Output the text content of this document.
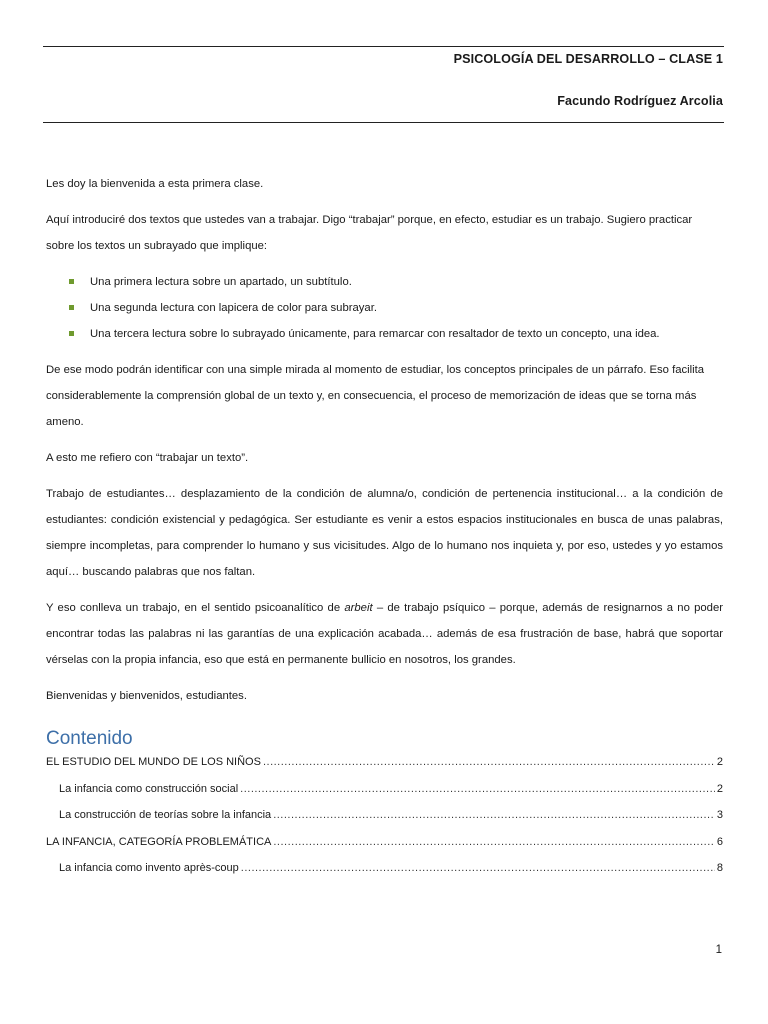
PSICOLOGÍA DEL DESARROLLO – CLASE 1
Facundo Rodríguez Arcolia

Les doy la bienvenida a esta primera clase.

Aquí introduciré dos textos que ustedes van a trabajar. Digo “trabajar” porque, en efecto, estudiar es un trabajo. Sugiero practicar sobre los textos un subrayado que implique:

Una primera lectura sobre un apartado, un subtítulo.
Una segunda lectura con lapicera de color para subrayar.
Una tercera lectura sobre lo subrayado únicamente, para remarcar con resaltador de texto un concepto, una idea.

De ese modo podrán identificar con una simple mirada al momento de estudiar, los conceptos principales de un párrafo. Eso facilita considerablemente la comprensión global de un texto y, en consecuencia, el proceso de memorización de ideas que se torna más ameno.

A esto me refiero con “trabajar un texto”.

Trabajo de estudiantes… desplazamiento de la condición de alumna/o, condición de pertenencia institucional… a la condición de estudiantes: condición existencial y pedagógica. Ser estudiante es venir a estos espacios institucionales en busca de unas palabras, siempre incompletas, para comprender lo humano y sus vicisitudes. Algo de lo humano nos inquieta y, por eso, ustedes y yo estamos aquí… buscando palabras que nos faltan.

Y eso conlleva un trabajo, en el sentido psicoanalítico de arbeit – de trabajo psíquico – porque, además de resignarnos a no poder encontrar todas las palabras ni las garantías de una explicación acabada… además de esa frustración de base, habrá que soportar vérselas con la propia infancia, eso que está en permanente bullicio en nosotros, los grandes.

Bienvenidas y bienvenidos, estudiantes.

Contenido
EL ESTUDIO DEL MUNDO DE LOS NIÑOS .....	2
La infancia como construcción social .....	2
La construcción de teorías sobre la infancia .....	3
LA INFANCIA, CATEGORÍA PROBLEMÁTICA .....	6
La infancia como invento après-coup .....	8
1
